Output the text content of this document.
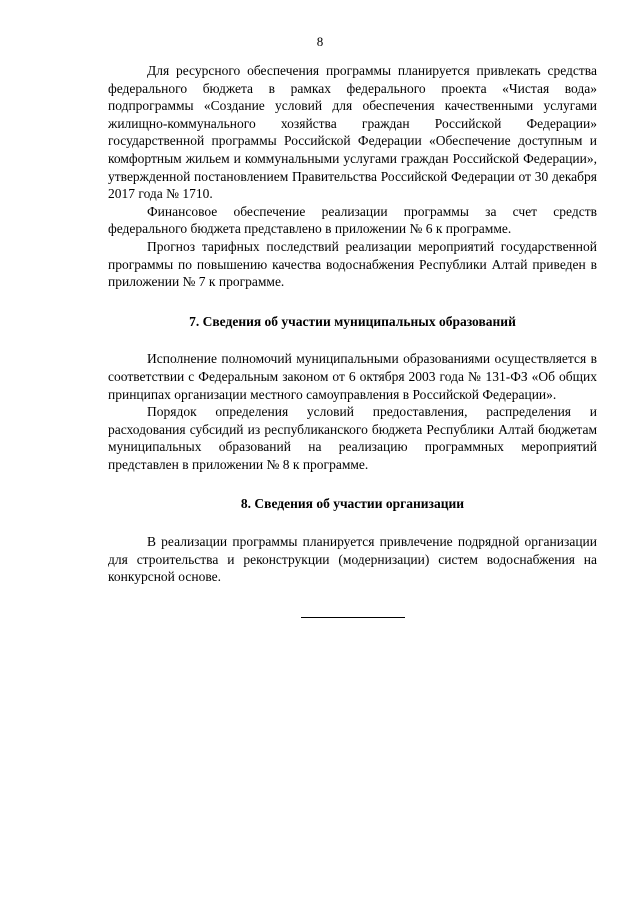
8

Для ресурсного обеспечения программы планируется привлекать средства федерального бюджета в рамках федерального проекта «Чистая вода» подпрограммы «Создание условий для обеспечения качественными услугами жилищно-коммунального хозяйства граждан Российской Федерации» государственной программы Российской Федерации «Обеспечение доступным и комфортным жильем и коммунальными услугами граждан Российской Федерации», утвержденной постановлением Правительства Российской Федерации от 30 декабря 2017 года № 1710.

Финансовое обеспечение реализации программы за счет средств федерального бюджета представлено в приложении № 6 к программе.

Прогноз тарифных последствий реализации мероприятий государственной программы по повышению качества водоснабжения Республики Алтай приведен в приложении № 7 к программе.

7. Сведения об участии муниципальных образований

Исполнение полномочий муниципальными образованиями осуществляется в соответствии с Федеральным законом от 6 октября 2003 года № 131-ФЗ «Об общих принципах организации местного самоуправления в Российской Федерации».

Порядок определения условий предоставления, распределения и расходования субсидий из республиканского бюджета Республики Алтай бюджетам муниципальных образований на реализацию программных мероприятий представлен в приложении № 8 к программе.

8. Сведения об участии организации

В реализации программы планируется привлечение подрядной организации для строительства и реконструкции (модернизации) систем водоснабжения на конкурсной основе.
